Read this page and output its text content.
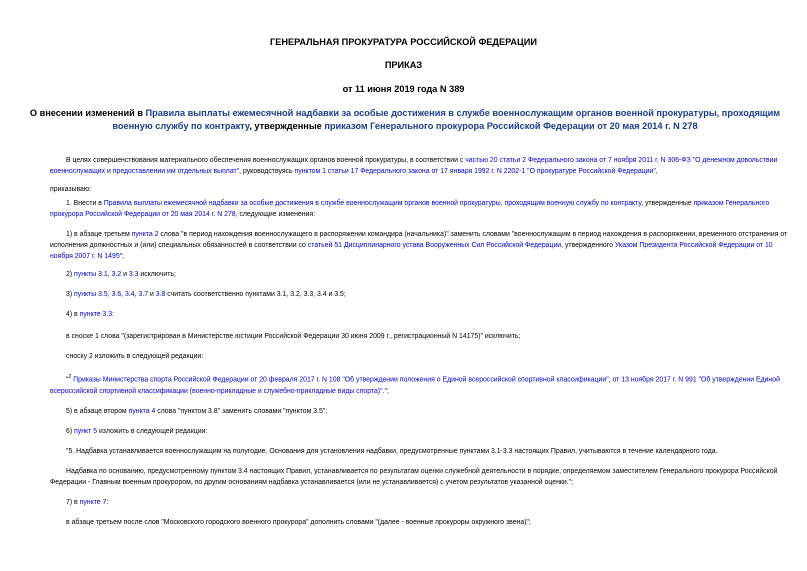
ГЕНЕРАЛЬНАЯ ПРОКУРАТУРА РОССИЙСКОЙ ФЕДЕРАЦИИ
ПРИКАЗ
от 11 июня 2019 года N 389
О внесении изменений в Правила выплаты ежемесячной надбавки за особые достижения в службе военнослужащим органов военной прокуратуры, проходящим военную службу по контракту, утвержденные приказом Генерального прокурора Российской Федерации от 20 мая 2014 г. N 278
В целях совершенствования материального обеспечения военнослужащих органов военной прокуратуры, в соответствии с частью 20 статьи 2 Федерального закона от 7 ноября 2011 г. N 306-ФЗ "О денежном довольствии военнослужащих и предоставлении им отдельных выплат", руководствуясь пунктом 1 статьи 17 Федерального закона от 17 января 1992 г. N 2202-1 "О прокуратуре Российской Федерации",
приказываю:
1. Внести в Правила выплаты ежемесячной надбавки за особые достижения в службе военнослужащим органов военной прокуратуры, проходящим военную службу по контракту, утвержденные приказом Генерального прокурора Российской Федерации от 20 мая 2014 г. N 278, следующие изменения:
1) в абзаце третьем пункта 2 слова "в период нахождения военнослужащего в распоряжении командира (начальника)" заменить словами "военнослужащим в период нахождения в распоряжении, временного отстранения от исполнения должностных и (или) специальных обязанностей в соответствии со статьей 51 Дисциплинарного устава Вооруженных Сил Российской Федерации, утвержденного Указом Президента Российской Федерации от 10 ноября 2007 г. N 1495";
2) пункты 3.1, 3.2 и 3.3 исключить;
3) пункты 3.5, 3.6, 3.4, 3.7 и 3.8 считать соответственно пунктами 3.1, 3.2, 3.3, 3.4 и 3.5;
4) в пункте 3.3:
в сноске 1 слова "(зарегистрирован в Министерстве юстиции Российской Федерации 30 июня 2009 г., регистрационный N 14175)" исключить;
сноску 2 изложить в следующей редакции:
"$^2$ Приказы Министерства спорта Российской Федерации от 20 февраля 2017 г. N 108 "Об утверждении положения о Единой всероссийской спортивной классификации", от 13 ноября 2017 г. N 991 "Об утверждении Единой всероссийской спортивной классификации (военно-прикладные и служебно-прикладные виды спорта)".";
5) в абзаце втором пункта 4 слова "пунктом 3.8" заменить словами "пунктом 3.5";
6) пункт 5 изложить в следующей редакции:
"5. Надбавка устанавливается военнослужащим на полугодие. Основания для установления надбавки, предусмотренные пунктами 3.1-3.3 настоящих Правил, учитываются в течение календарного года.
Надбавка по основанию, предусмотренному пунктом 3.4 настоящих Правил, устанавливается по результатам оценки служебной деятельности в порядке, определяемом заместителем Генерального прокурора Российской Федерации - Главным военным прокурором, по другим основаниям надбавка устанавливается (или не устанавливается) с учетом результатов указанной оценки.";
7) в пункте 7:
в абзаце третьем после слов "Московского городского военного прокурора" дополнить словами "(далее - военные прокуроры окружного звена)";
